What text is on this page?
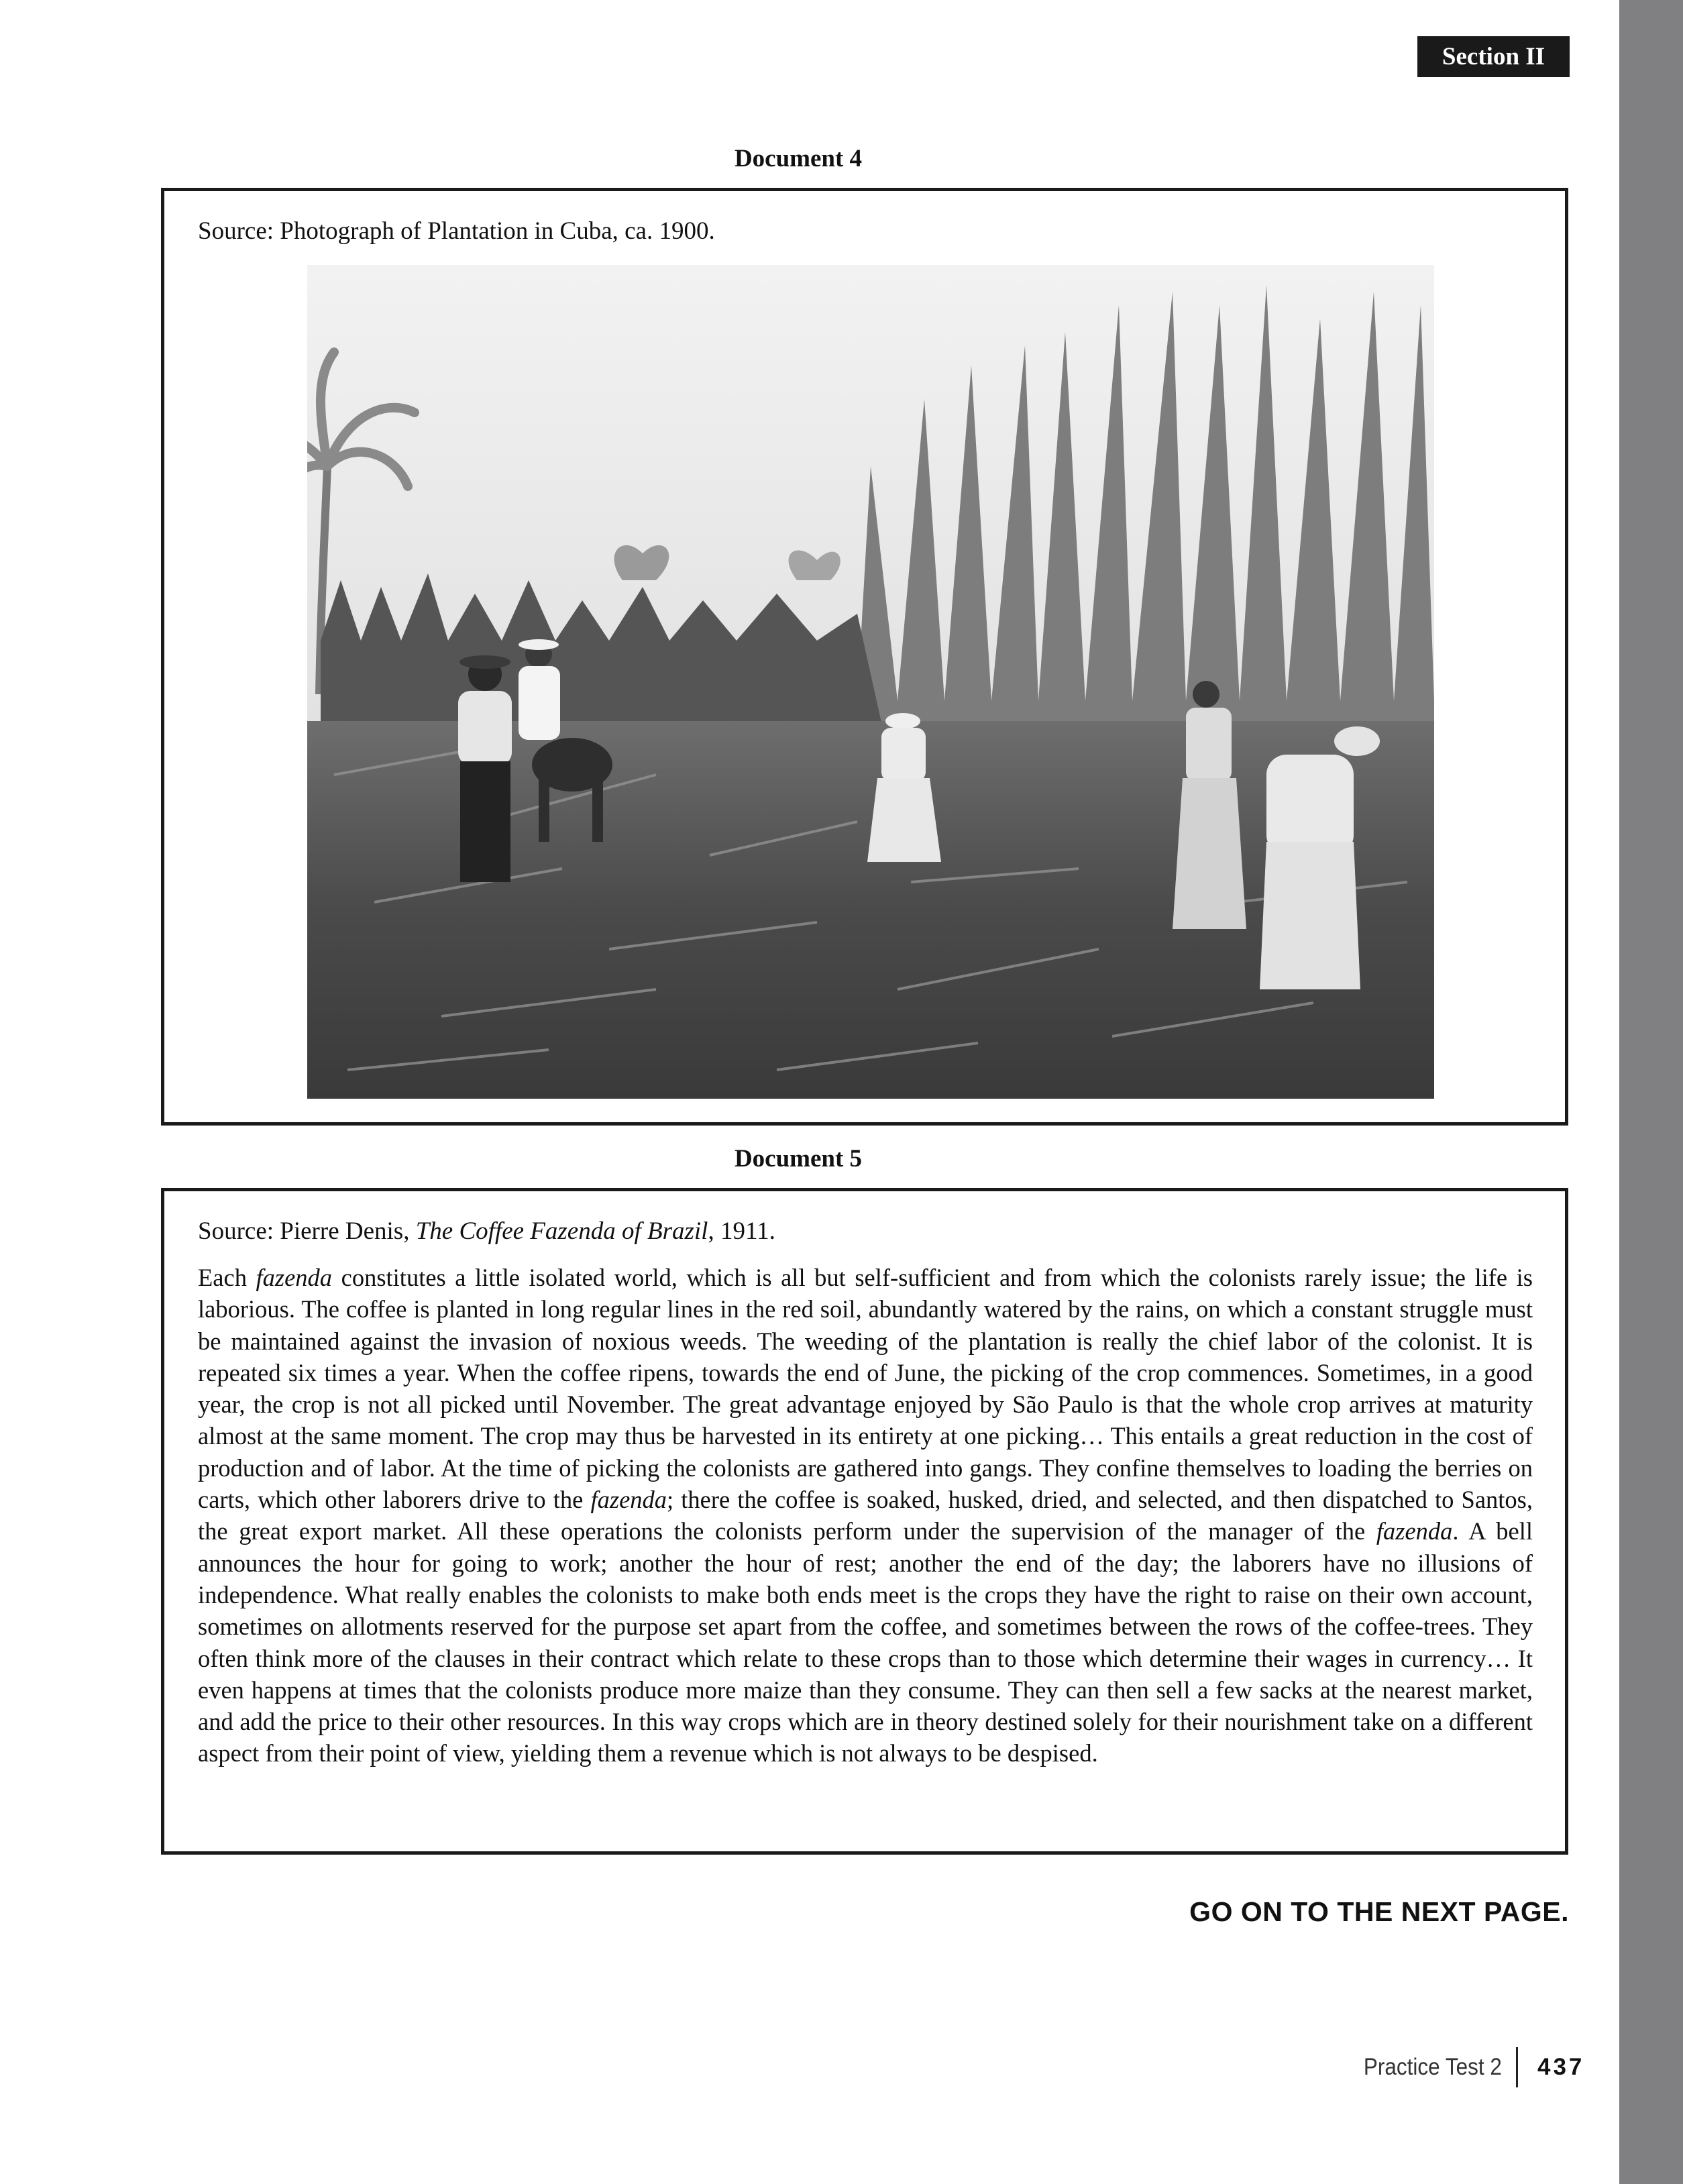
Section II
Document 4
Source: Photograph of Plantation in Cuba, ca. 1900.
Document 5
Source: Pierre Denis, The Coffee Fazenda of Brazil, 1911.

Each fazenda constitutes a little isolated world, which is all but self-sufficient and from which the colonists rarely issue; the life is laborious. The coffee is planted in long regular lines in the red soil, abundantly watered by the rains, on which a constant struggle must be maintained against the invasion of noxious weeds. The weeding of the plantation is really the chief labor of the colonist. It is repeated six times a year. When the coffee ripens, towards the end of June, the picking of the crop commences. Sometimes, in a good year, the crop is not all picked until November. The great advantage enjoyed by São Paulo is that the whole crop arrives at maturity almost at the same moment. The crop may thus be harvested in its entirety at one picking… This entails a great reduction in the cost of production and of labor. At the time of picking the colonists are gathered into gangs. They confine themselves to loading the berries on carts, which other laborers drive to the fazenda; there the coffee is soaked, husked, dried, and selected, and then dispatched to Santos, the great export market. All these operations the colonists perform under the supervision of the manager of the fazenda. A bell announces the hour for going to work; another the hour of rest; another the end of the day; the laborers have no illusions of independence. What really enables the colonists to make both ends meet is the crops they have the right to raise on their own account, sometimes on allotments reserved for the purpose set apart from the coffee, and sometimes between the rows of the coffee-trees. They often think more of the clauses in their contract which relate to these crops than to those which determine their wages in currency… It even happens at times that the colonists produce more maize than they consume. They can then sell a few sacks at the nearest market, and add the price to their other resources. In this way crops which are in theory destined solely for their nourishment take on a different aspect from their point of view, yielding them a revenue which is not always to be despised.

GO ON TO THE NEXT PAGE.
Practice Test 2 437
